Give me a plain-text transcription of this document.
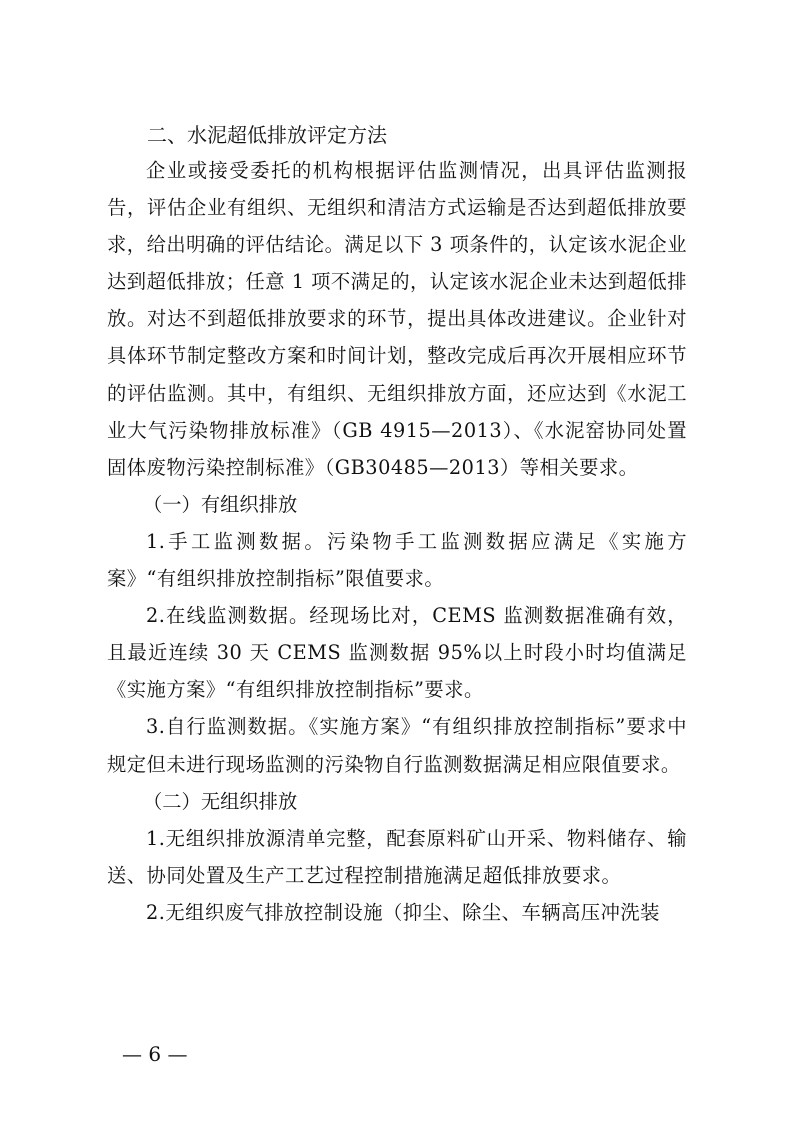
二、水泥超低排放评定方法

企业或接受委托的机构根据评估监测情况，出具评估监测报告，评估企业有组织、无组织和清洁方式运输是否达到超低排放要求，给出明确的评估结论。满足以下 3 项条件的，认定该水泥企业达到超低排放；任意 1 项不满足的，认定该水泥企业未达到超低排放。对达不到超低排放要求的环节，提出具体改进建议。企业针对具体环节制定整改方案和时间计划，整改完成后再次开展相应环节的评估监测。其中，有组织、无组织排放方面，还应达到《水泥工业大气污染物排放标准》（GB 4915—2013）、《水泥窑协同处置固体废物污染控制标准》（GB30485—2013）等相关要求。

（一）有组织排放

1.手工监测数据。污染物手工监测数据应满足《实施方案》“有组织排放控制指标”限值要求。

2.在线监测数据。经现场比对，CEMS 监测数据准确有效，且最近连续 30 天 CEMS 监测数据 95%以上时段小时均值满足《实施方案》“有组织排放控制指标”要求。

3.自行监测数据。《实施方案》“有组织排放控制指标”要求中规定但未进行现场监测的污染物自行监测数据满足相应限值要求。

（二）无组织排放

1.无组织排放源清单完整，配套原料矿山开采、物料储存、输送、协同处置及生产工艺过程控制措施满足超低排放要求。

2.无组织废气排放控制设施（抑尘、除尘、车辆高压冲洗装

— 6 —
